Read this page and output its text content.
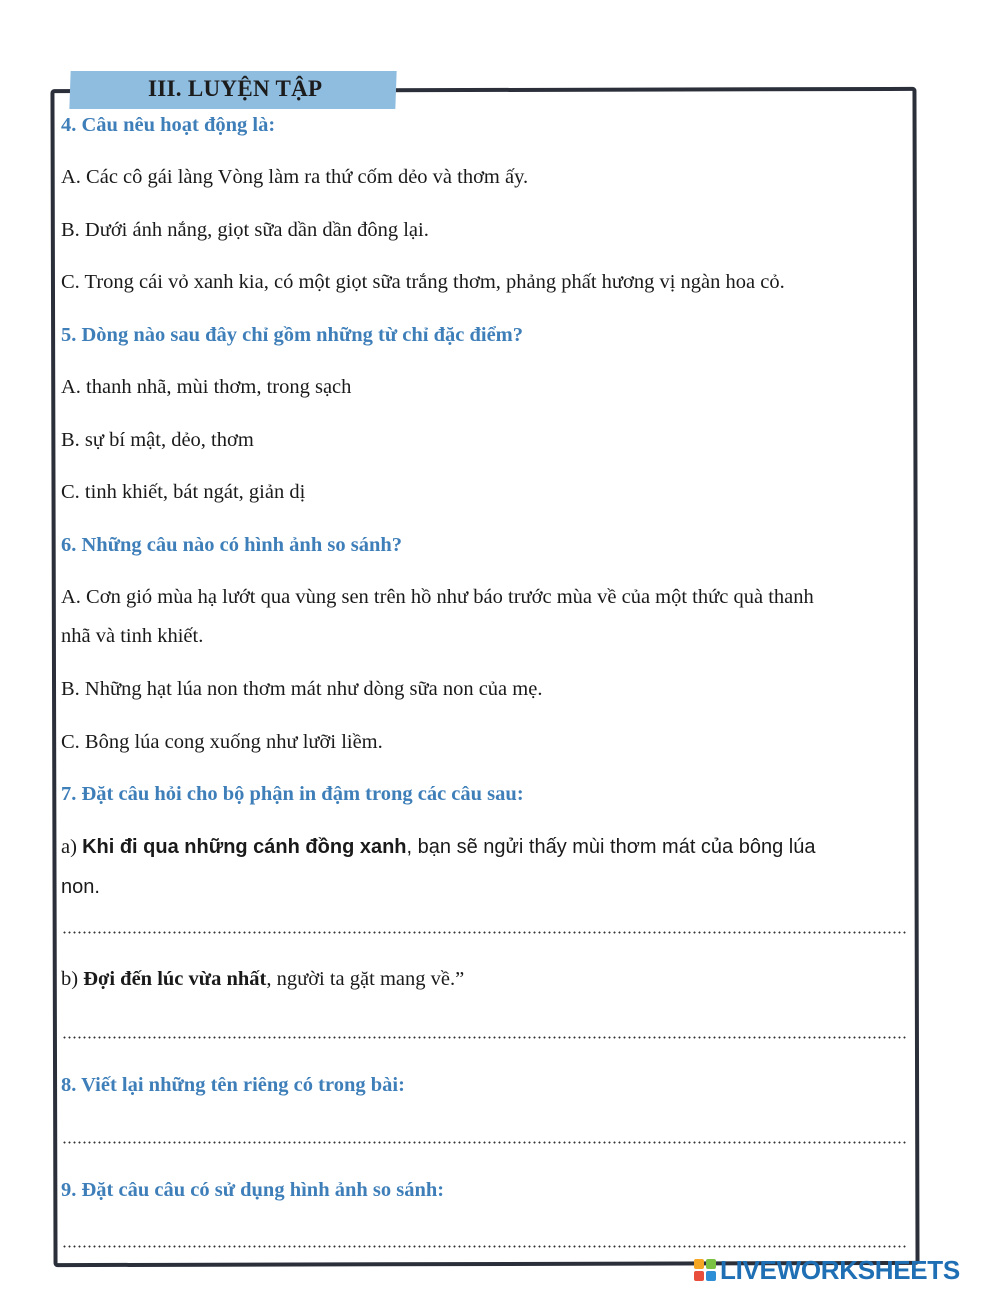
III. LUYỆN TẬP
4. Câu nêu hoạt động là:
A. Các cô gái làng Vòng làm ra thứ cốm dẻo và thơm ấy.
B. Dưới ánh nắng, giọt sữa dần dần đông lại.
C. Trong cái vỏ xanh kia, có một giọt sữa trắng thơm, phảng phất hương vị ngàn hoa cỏ.
5. Dòng nào sau đây chỉ gồm những từ chỉ đặc điểm?
A. thanh nhã, mùi thơm, trong sạch
B. sự bí mật, dẻo, thơm
C. tinh khiết, bát ngát, giản dị
6. Những câu nào có hình ảnh so sánh?
A. Cơn gió mùa hạ lướt qua vùng sen trên hồ như báo trước mùa về của một thức quà thanh
nhã và tinh khiết.
B. Những hạt lúa non thơm mát như dòng sữa non của mẹ.
C. Bông lúa cong xuống như lưỡi liềm.
7. Đặt câu hỏi cho bộ phận in đậm trong các câu sau:
a) Khi đi qua những cánh đồng xanh, bạn sẽ ngửi thấy mùi thơm mát của bông lúa
non.
b) Đợi đến lúc vừa nhất, người ta gặt mang về.”
8. Viết lại những tên riêng có trong bài:
9. Đặt câu câu có sử dụng hình ảnh so sánh:
LIVEWORKSHEETS
